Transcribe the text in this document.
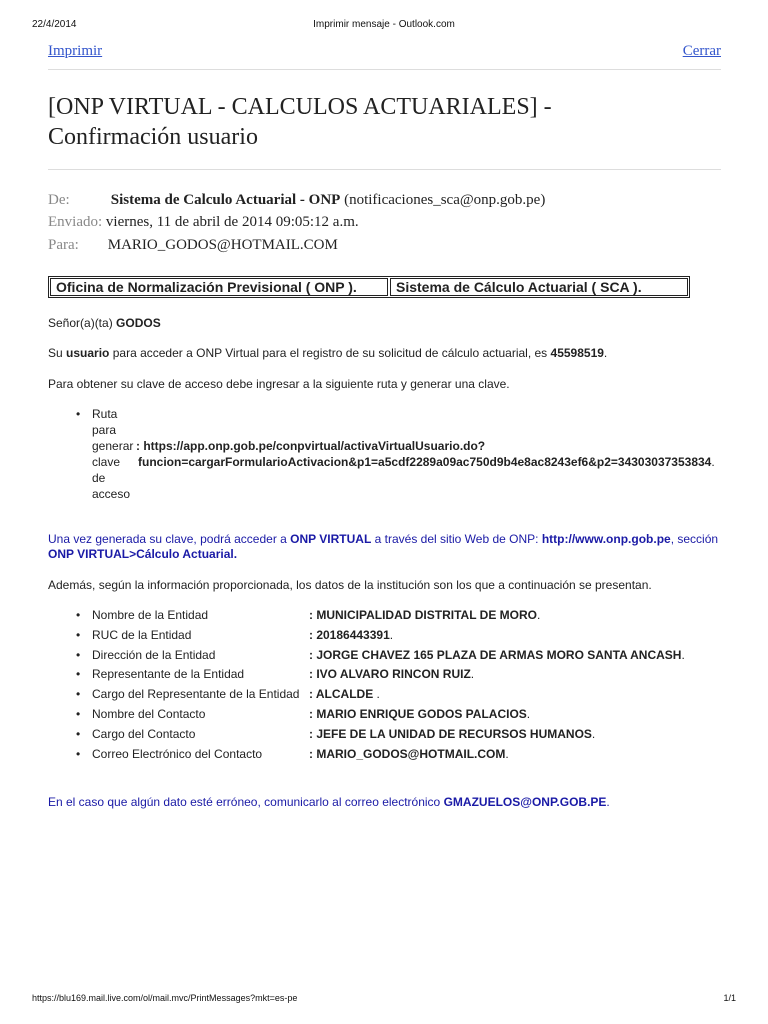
22/4/2014	Imprimir mensaje - Outlook.com
Imprimir	Cerrar
[ONP VIRTUAL - CALCULOS ACTUARIALES] -
Confirmación usuario
De:	Sistema de Calculo Actuarial - ONP (notificaciones_sca@onp.gob.pe)
Enviado: viernes, 11 de abril de 2014 09:05:12 a.m.
Para: MARIO_GODOS@HOTMAIL.COM
Oficina de Normalización Previsional ( ONP ).	Sistema de Cálculo Actuarial ( SCA ).
Señor(a)(ta) GODOS
Su usuario para acceder a ONP Virtual para el registro de su solicitud de cálculo actuarial, es 45598519.
Para obtener su clave de acceso debe ingresar a la siguiente ruta y generar una clave.
• Ruta
para
generar
clave
de
acceso
: https://app.onp.gob.pe/conpvirtual/activaVirtualUsuario.do?
funcion=cargarFormularioActivacion&p1=a5cdf2289a09ac750d9b4e8ac8243ef6&p2=34303037353834.
Una vez generada su clave, podrá acceder a ONP VIRTUAL a través del sitio Web de ONP: http://www.onp.gob.pe, sección
ONP VIRTUAL>Cálculo Actuarial.
Además, según la información proporcionada, los datos de la institución son los que a continuación se presentan.
• Nombre de la Entidad	: MUNICIPALIDAD DISTRITAL DE MORO.
• RUC de la Entidad	: 20186443391.
• Dirección de la Entidad	: JORGE CHAVEZ 165 PLAZA DE ARMAS MORO SANTA ANCASH.
• Representante de la Entidad	: IVO ALVARO RINCON RUIZ.
• Cargo del Representante de la Entidad : ALCALDE .
• Nombre del Contacto	: MARIO ENRIQUE GODOS PALACIOS.
• Cargo del Contacto	: JEFE DE LA UNIDAD DE RECURSOS HUMANOS.
• Correo Electrónico del Contacto	: MARIO_GODOS@HOTMAIL.COM.
En el caso que algún dato esté erróneo, comunicarlo al correo electrónico GMAZUELOS@ONP.GOB.PE.
https://blu169.mail.live.com/ol/mail.mvc/PrintMessages?mkt=es-pe	1/1
